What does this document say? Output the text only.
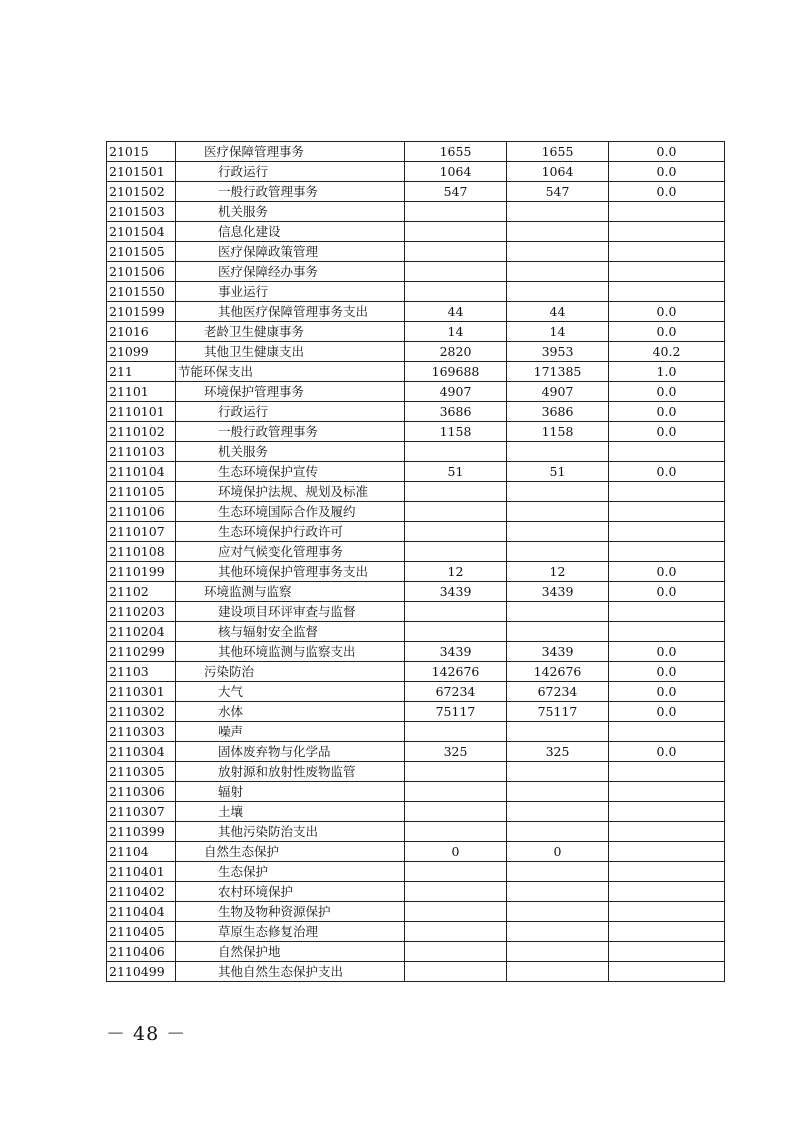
21015	医疗保障管理事务	1655	1655	0.0
2101501	行政运行	1064	1064	0.0
2101502	一般行政管理事务	547	547	0.0
2101503	机关服务			
2101504	信息化建设			
2101505	医疗保障政策管理			
2101506	医疗保障经办事务			
2101550	事业运行			
2101599	其他医疗保障管理事务支出	44	44	0.0
21016	老龄卫生健康事务	14	14	0.0
21099	其他卫生健康支出	2820	3953	40.2
211	节能环保支出	169688	171385	1.0
21101	环境保护管理事务	4907	4907	0.0
2110101	行政运行	3686	3686	0.0
2110102	一般行政管理事务	1158	1158	0.0
2110103	机关服务			
2110104	生态环境保护宣传	51	51	0.0
2110105	环境保护法规、规划及标准			
2110106	生态环境国际合作及履约			
2110107	生态环境保护行政许可			
2110108	应对气候变化管理事务			
2110199	其他环境保护管理事务支出	12	12	0.0
21102	环境监测与监察	3439	3439	0.0
2110203	建设项目环评审查与监督			
2110204	核与辐射安全监督			
2110299	其他环境监测与监察支出	3439	3439	0.0
21103	污染防治	142676	142676	0.0
2110301	大气	67234	67234	0.0
2110302	水体	75117	75117	0.0
2110303	噪声			
2110304	固体废弃物与化学品	325	325	0.0
2110305	放射源和放射性废物监管			
2110306	辐射			
2110307	土壤			
2110399	其他污染防治支出			
21104	自然生态保护	0	0	
2110401	生态保护			
2110402	农村环境保护			
2110404	生物及物种资源保护			
2110405	草原生态修复治理			
2110406	自然保护地			
2110499	其他自然生态保护支出			
－ 48 －
